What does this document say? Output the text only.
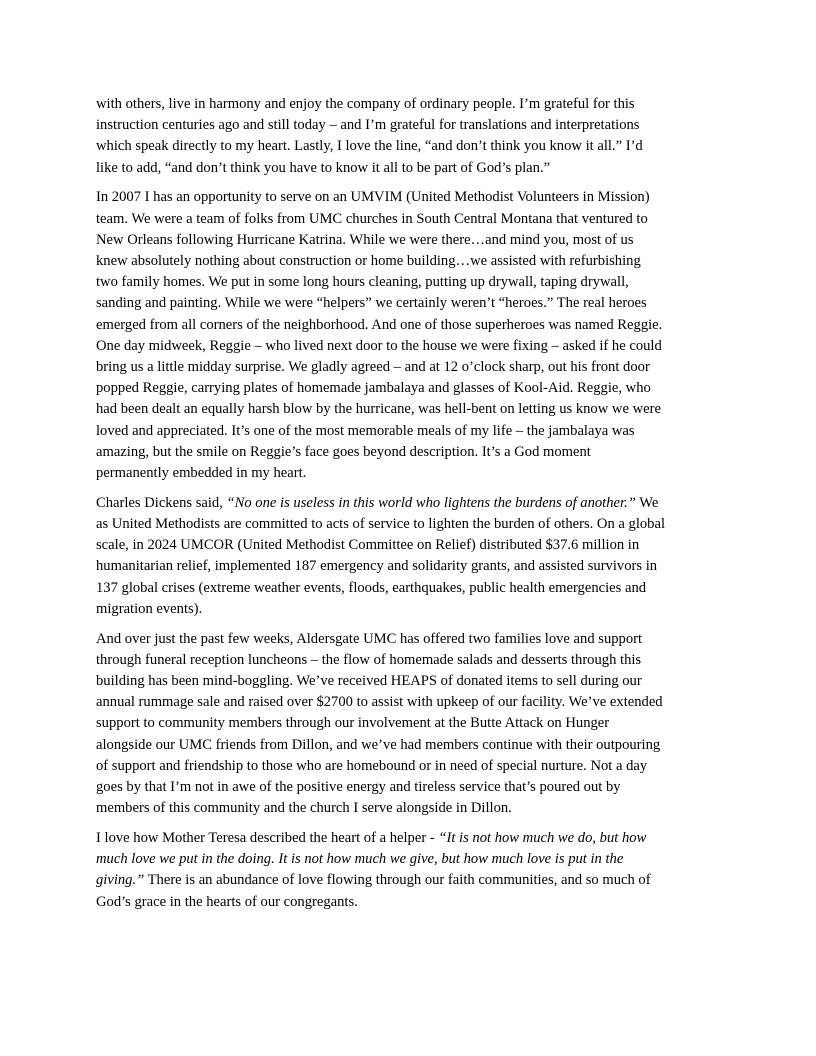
with others, live in harmony and enjoy the company of ordinary people. I’m grateful for this
instruction centuries ago and still today – and I’m grateful for translations and interpretations
which speak directly to my heart. Lastly, I love the line, “and don’t think you know it all.” I’d
like to add, “and don’t think you have to know it all to be part of God’s plan.”

In 2007 I has an opportunity to serve on an UMVIM (United Methodist Volunteers in Mission)
team. We were a team of folks from UMC churches in South Central Montana that ventured to
New Orleans following Hurricane Katrina. While we were there…and mind you, most of us
knew absolutely nothing about construction or home building…we assisted with refurbishing
two family homes. We put in some long hours cleaning, putting up drywall, taping drywall,
sanding and painting. While we were “helpers” we certainly weren’t “heroes.” The real heroes
emerged from all corners of the neighborhood. And one of those superheroes was named Reggie.
One day midweek, Reggie – who lived next door to the house we were fixing – asked if he could
bring us a little midday surprise. We gladly agreed – and at 12 o’clock sharp, out his front door
popped Reggie, carrying plates of homemade jambalaya and glasses of Kool-Aid. Reggie, who
had been dealt an equally harsh blow by the hurricane, was hell-bent on letting us know we were
loved and appreciated. It’s one of the most memorable meals of my life – the jambalaya was
amazing, but the smile on Reggie’s face goes beyond description. It’s a God moment
permanently embedded in my heart.

Charles Dickens said, “No one is useless in this world who lightens the burdens of another.” We
as United Methodists are committed to acts of service to lighten the burden of others. On a global
scale, in 2024 UMCOR (United Methodist Committee on Relief) distributed $37.6 million in
humanitarian relief, implemented 187 emergency and solidarity grants, and assisted survivors in
137 global crises (extreme weather events, floods, earthquakes, public health emergencies and
migration events).

And over just the past few weeks, Aldersgate UMC has offered two families love and support
through funeral reception luncheons – the flow of homemade salads and desserts through this
building has been mind-boggling. We’ve received HEAPS of donated items to sell during our
annual rummage sale and raised over $2700 to assist with upkeep of our facility. We’ve extended
support to community members through our involvement at the Butte Attack on Hunger
alongside our UMC friends from Dillon, and we’ve had members continue with their outpouring
of support and friendship to those who are homebound or in need of special nurture. Not a day
goes by that I’m not in awe of the positive energy and tireless service that’s poured out by
members of this community and the church I serve alongside in Dillon.

I love how Mother Teresa described the heart of a helper - “It is not how much we do, but how
much love we put in the doing. It is not how much we give, but how much love is put in the
giving.” There is an abundance of love flowing through our faith communities, and so much of
God’s grace in the hearts of our congregants.
